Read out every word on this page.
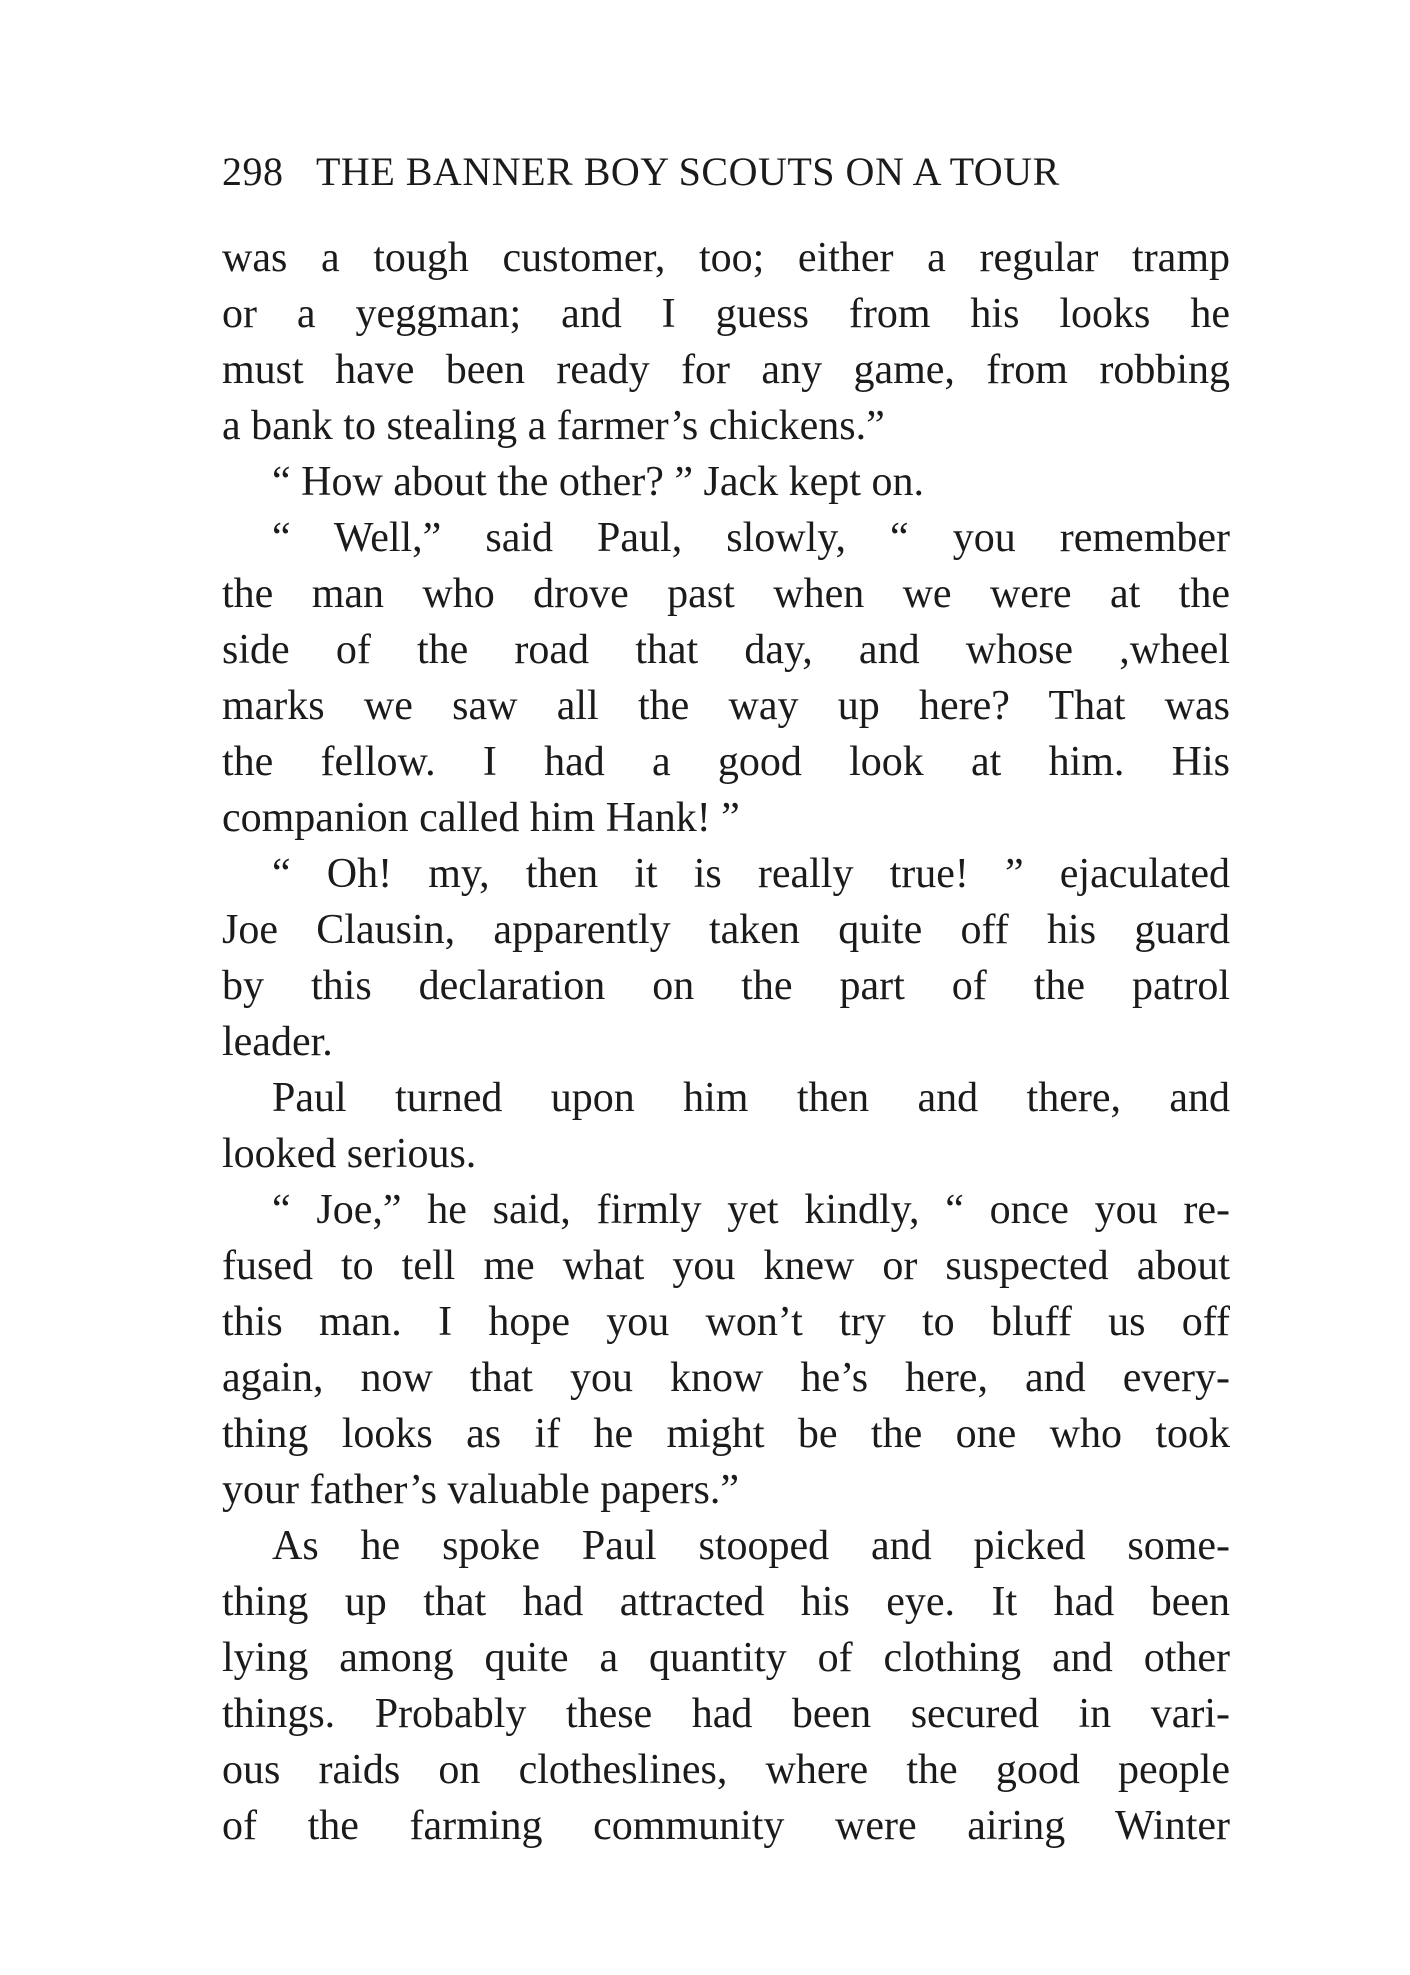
298 THE BANNER BOY SCOUTS ON A TOUR
was a tough customer, too; either a regular tramp
or a yeggman; and I guess from his looks he
must have been ready for any game, from robbing
a bank to stealing a farmer’s chickens.”
“ How about the other? ” Jack kept on.
“ Well,” said Paul, slowly, “ you remember
the man who drove past when we were at the
side of the road that day, and whose ,wheel
marks we saw all the way up here? That was
the fellow. I had a good look at him. His
companion called him Hank! ”
“ Oh! my, then it is really true! ” ejaculated
Joe Clausin, apparently taken quite off his guard
by this declaration on the part of the patrol
leader.
Paul turned upon him then and there, and
looked serious.
“ Joe,” he said, firmly yet kindly, “ once you re-
fused to tell me what you knew or suspected about
this man. I hope you won’t try to bluff us off
again, now that you know he’s here, and every-
thing looks as if he might be the one who took
your father’s valuable papers.”
As he spoke Paul stooped and picked some-
thing up that had attracted his eye. It had been
lying among quite a quantity of clothing and other
things. Probably these had been secured in vari-
ous raids on clotheslines, where the good people
of the farming community were airing Winter
